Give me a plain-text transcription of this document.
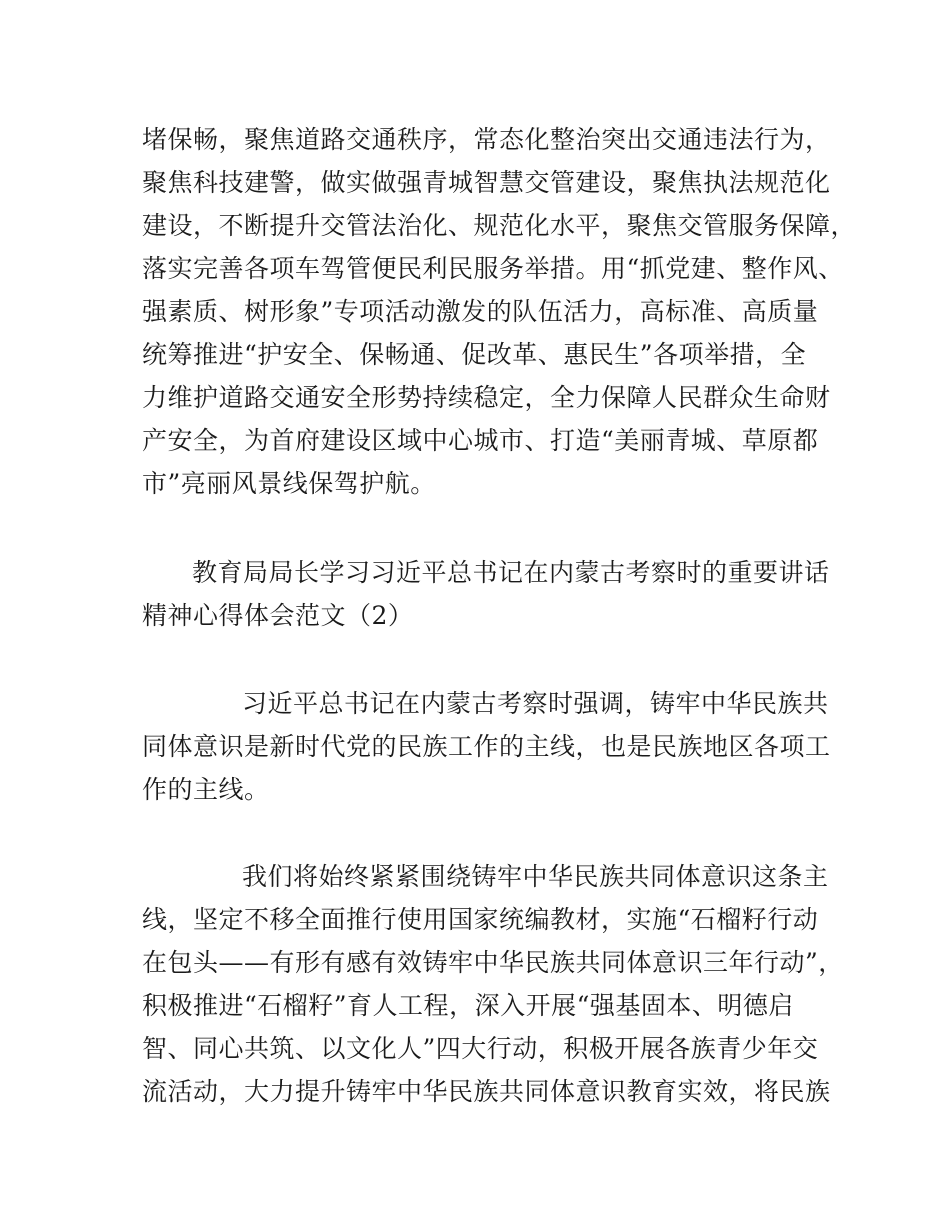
堵保畅，聚焦道路交通秩序，常态化整治突出交通违法行为，
聚焦科技建警，做实做强青城智慧交管建设，聚焦执法规范化
建设，不断提升交管法治化、规范化水平，聚焦交管服务保障，
落实完善各项车驾管便民利民服务举措。用“抓党建、整作风、
强素质、树形象”专项活动激发的队伍活力，高标准、高质量
统筹推进“护安全、保畅通、促改革、惠民生”各项举措，全
力维护道路交通安全形势持续稳定，全力保障人民群众生命财
产安全，为首府建设区域中心城市、打造“美丽青城、草原都
市”亮丽风景线保驾护航。
教育局局长学习习近平总书记在内蒙古考察时的重要讲话
精神心得体会范文（2）
习近平总书记在内蒙古考察时强调，铸牢中华民族共
同体意识是新时代党的民族工作的主线，也是民族地区各项工
作的主线。
我们将始终紧紧围绕铸牢中华民族共同体意识这条主
线，坚定不移全面推行使用国家统编教材，实施“石榴籽行动
在包头——有形有感有效铸牢中华民族共同体意识三年行动”，
积极推进“石榴籽”育人工程，深入开展“强基固本、明德启
智、同心共筑、以文化人”四大行动，积极开展各族青少年交
流活动，大力提升铸牢中华民族共同体意识教育实效，将民族
